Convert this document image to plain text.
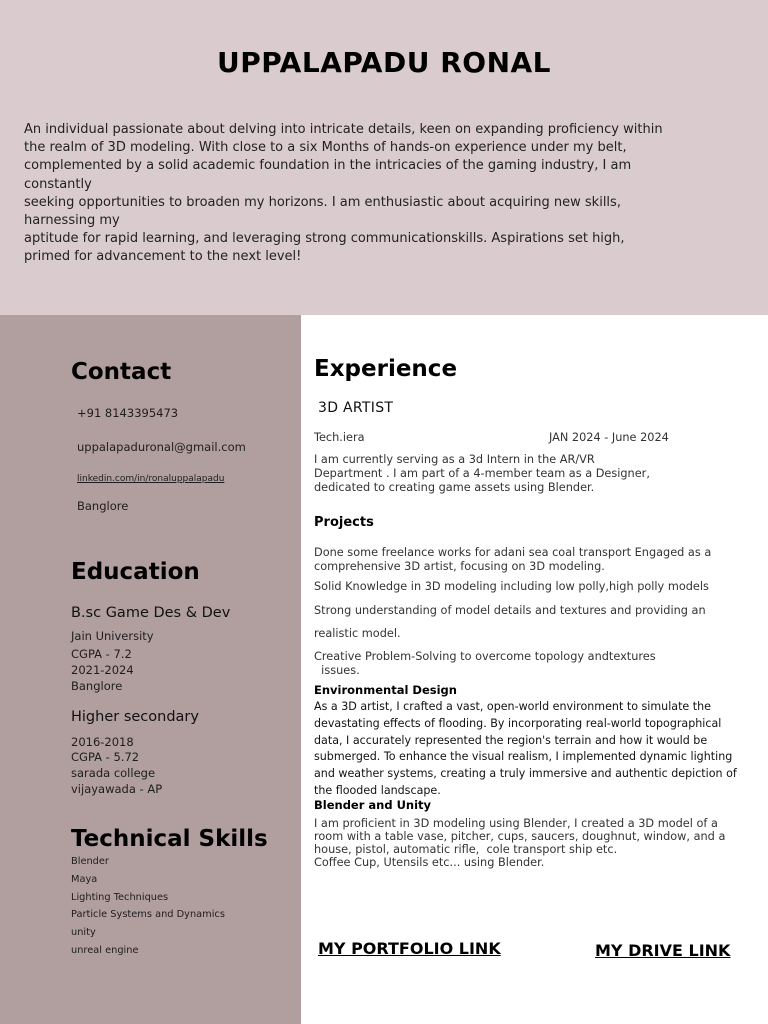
UPPALAPADU RONAL
An individual passionate about delving into intricate details, keen on expanding proficiency within
the realm of 3D modeling. With close to a six Months of hands-on experience under my belt,
complemented by a solid academic foundation in the intricacies of the gaming industry, I am
constantly
seeking opportunities to broaden my horizons. I am enthusiastic about acquiring new skills,
harnessing my
aptitude for rapid learning, and leveraging strong communicationskills. Aspirations set high,
primed for advancement to the next level!
Contact
+91 8143395473
uppalapaduronal@gmail.com
linkedin.com/in/ronaluppalapadu
Banglore
Education
B.sc Game Des & Dev
Jain University
CGPA - 7.2
2021-2024
Banglore
Higher secondary
2016-2018
CGPA - 5.72
sarada college
vijayawada - AP
Technical Skills
Blender
Maya
Lighting Techniques
Particle Systems and Dynamics
unity
unreal engine
Experience
3D ARTIST
Tech.iera	JAN 2024 - June 2024
I am currently serving as a 3d Intern in the AR/VR
Department . I am part of a 4-member team as a Designer,
dedicated to creating game assets using Blender.
Projects
Done some freelance works for adani sea coal transport Engaged as a
comprehensive 3D artist, focusing on 3D modeling.
Solid Knowledge in 3D modeling including low polly,high polly models
Strong understanding of model details and textures and providing an
realistic model.
Creative Problem-Solving to overcome topology andtextures
issues.
Environmental Design
As a 3D artist, I crafted a vast, open-world environment to simulate the
devastating effects of flooding. By incorporating real-world topographical
data, I accurately represented the region's terrain and how it would be
submerged. To enhance the visual realism, I implemented dynamic lighting
and weather systems, creating a truly immersive and authentic depiction of
the flooded landscape.
Blender and Unity
I am proficient in 3D modeling using Blender, I created a 3D model of a
room with a table vase, pitcher, cups, saucers, doughnut, window, and a
house, pistol, automatic rifle,  cole transport ship etc.
Coffee Cup, Utensils etc... using Blender.
MY PORTFOLIO LINK	MY DRIVE LINK
